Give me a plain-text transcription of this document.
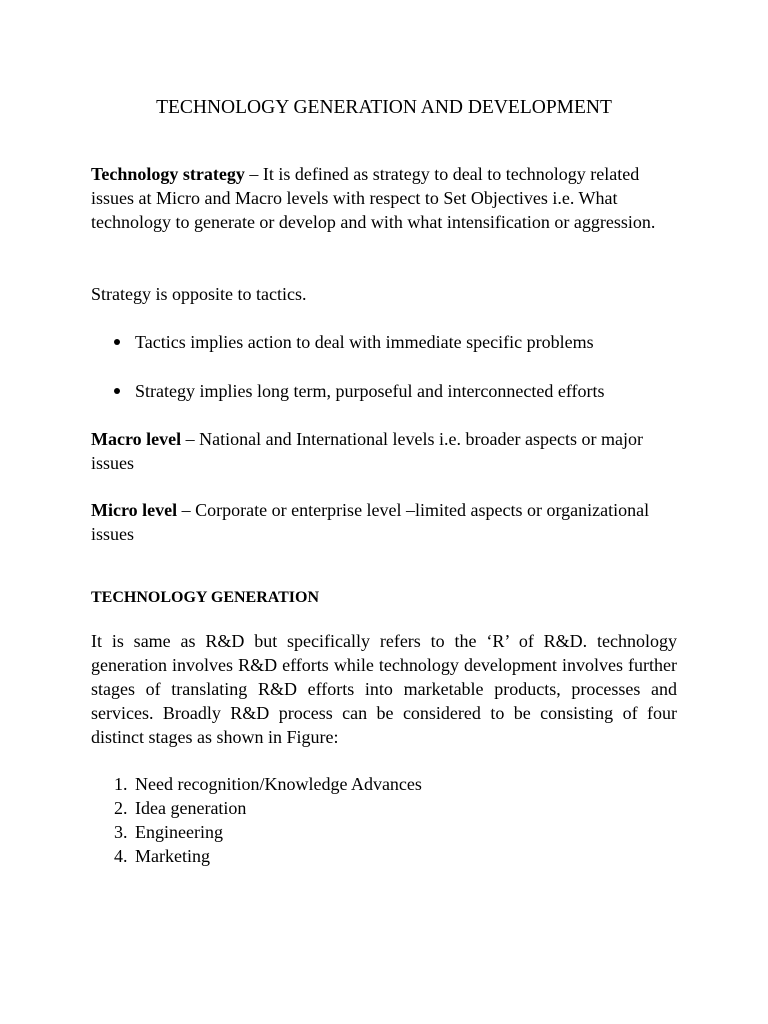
TECHNOLOGY GENERATION AND DEVELOPMENT
Technology strategy – It is defined as strategy to deal to technology related issues at Micro and Macro levels with respect to Set Objectives i.e. What technology to generate or develop and with what intensification or aggression.
Strategy is opposite to tactics.
Tactics implies action to deal with immediate specific problems
Strategy implies long term, purposeful and interconnected efforts
Macro level – National and International levels i.e. broader aspects or major issues
Micro level – Corporate or enterprise level –limited aspects or organizational issues
TECHNOLOGY GENERATION
It is same as R&D but specifically refers to the ‘R’ of R&D. technology generation involves R&D efforts while technology development involves further stages of translating R&D efforts into marketable products, processes and services. Broadly R&D process can be considered to be consisting of four distinct stages as shown in Figure:
1. Need recognition/Knowledge Advances
2. Idea generation
3. Engineering
4. Marketing
